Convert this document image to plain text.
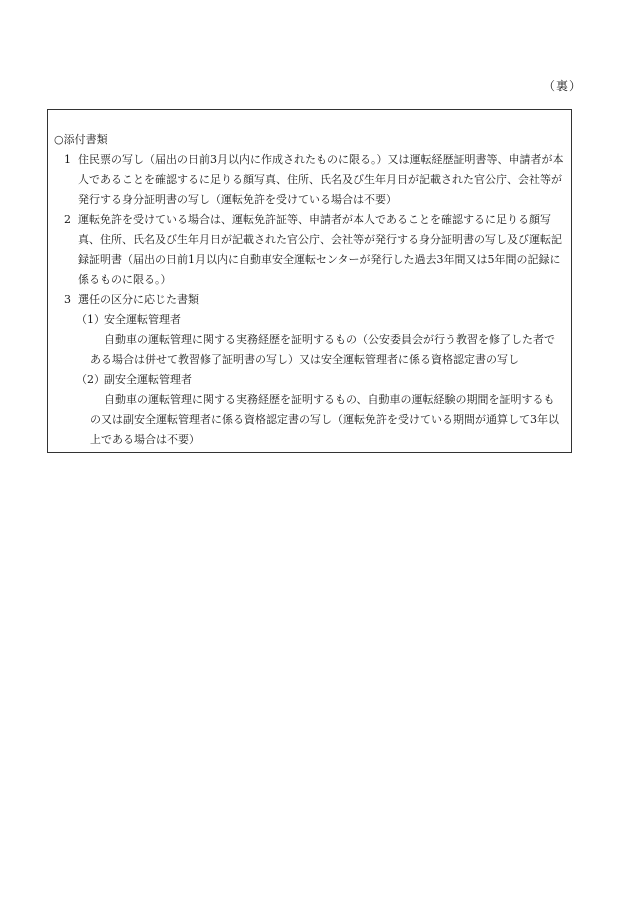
（裏）

○添付書類

1 住民票の写し（届出の日前3月以内に作成されたものに限る。）又は運転経歴証明書等、申請者が本人であることを確認するに足りる顔写真、住所、氏名及び生年月日が記載された官公庁、会社等が発行する身分証明書の写し（運転免許を受けている場合は不要）

2 運転免許を受けている場合は、運転免許証等、申請者が本人であることを確認するに足りる顔写真、住所、氏名及び生年月日が記載された官公庁、会社等が発行する身分証明書の写し及び運転記録証明書（届出の日前1月以内に自動車安全運転センターが発行した過去3年間又は5年間の記録に係るものに限る。）

3 選任の区分に応じた書類

（1）安全運転管理者

自動車の運転管理に関する実務経歴を証明するもの（公安委員会が行う教習を修了した者である場合は併せて教習修了証明書の写し）又は安全運転管理者に係る資格認定書の写し

（2）副安全運転管理者

自動車の運転管理に関する実務経歴を証明するもの、自動車の運転経験の期間を証明するもの又は副安全運転管理者に係る資格認定書の写し（運転免許を受けている期間が通算して3年以上である場合は不要）
